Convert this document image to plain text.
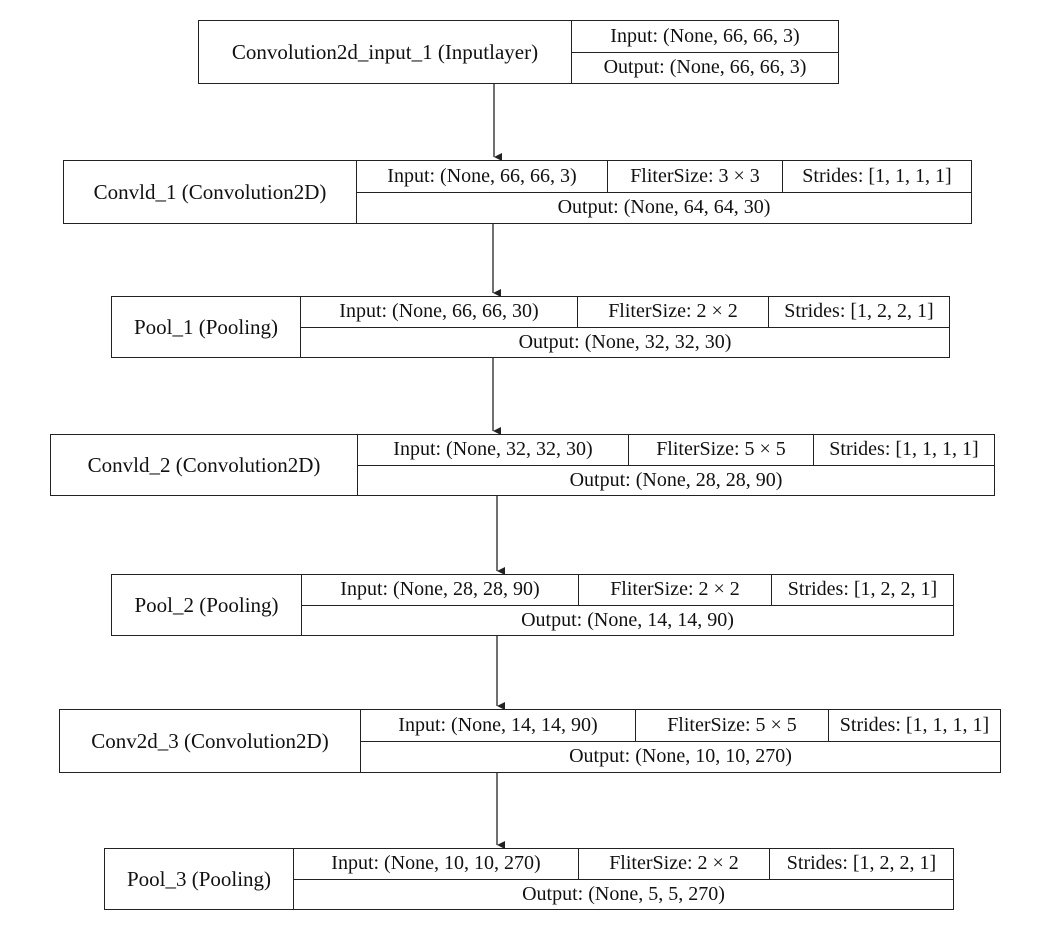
Convolution2d_input_1 (Inputlayer)
Input: (None, 66, 66, 3)
Output: (None, 66, 66, 3)
Convld_1 (Convolution2D)
Input: (None, 66, 66, 3)	FliterSize: 3 × 3	Strides: [1, 1, 1, 1]
Output: (None, 64, 64, 30)
Pool_1 (Pooling)
Input: (None, 66, 66, 30)	FliterSize: 2 × 2	Strides: [1, 2, 2, 1]
Output: (None, 32, 32, 30)
Convld_2 (Convolution2D)
Input: (None, 32, 32, 30)	FliterSize: 5 × 5	Strides: [1, 1, 1, 1]
Output: (None, 28, 28, 90)
Pool_2 (Pooling)
Input: (None, 28, 28, 90)	FliterSize: 2 × 2	Strides: [1, 2, 2, 1]
Output: (None, 14, 14, 90)
Conv2d_3 (Convolution2D)
Input: (None, 14, 14, 90)	FliterSize: 5 × 5	Strides: [1, 1, 1, 1]
Output: (None, 10, 10, 270)
Pool_3 (Pooling)
Input: (None, 10, 10, 270)	FliterSize: 2 × 2	Strides: [1, 2, 2, 1]
Output: (None, 5, 5, 270)
